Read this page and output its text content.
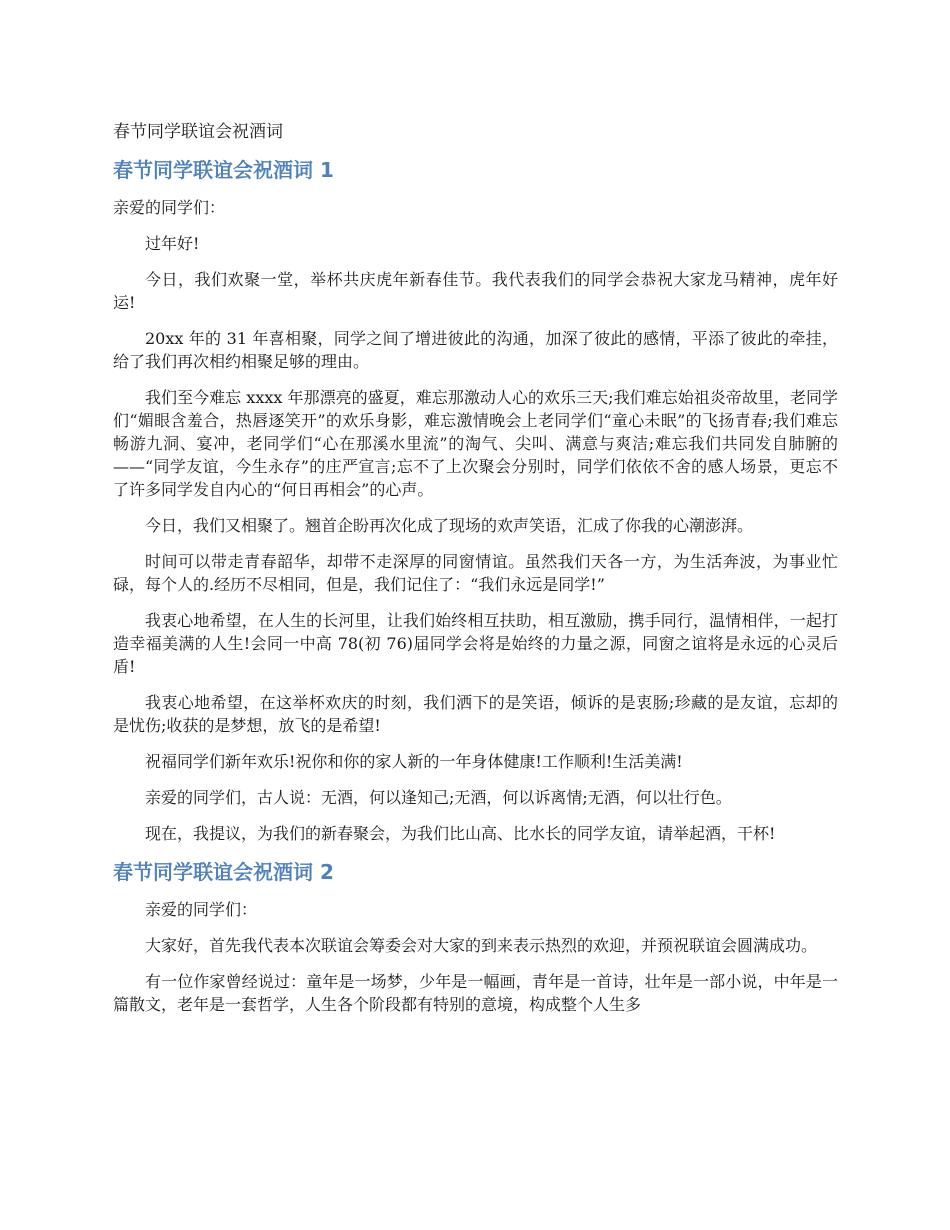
春节同学联谊会祝酒词
春节同学联谊会祝酒词 1
亲爱的同学们：

过年好!

今日，我们欢聚一堂，举杯共庆虎年新春佳节。我代表我们的同学会恭祝大家龙马精神，虎年好运!

20xx 年的 31 年喜相聚，同学之间了增进彼此的沟通，加深了彼此的感情，平添了彼此的牵挂，给了我们再次相约相聚足够的理由。

我们至今难忘 xxxx 年那漂亮的盛夏，难忘那激动人心的欢乐三天;我们难忘始祖炎帝故里，老同学们“媚眼含羞合，热唇逐笑开”的欢乐身影，难忘激情晚会上老同学们“童心未眠”的飞扬青春;我们难忘畅游九洞、宴冲，老同学们“心在那溪水里流”的淘气、尖叫、满意与爽洁;难忘我们共同发自肺腑的——“同学友谊，今生永存”的庄严宣言;忘不了上次聚会分别时，同学们依依不舍的感人场景，更忘不了许多同学发自内心的“何日再相会”的心声。

今日，我们又相聚了。翘首企盼再次化成了现场的欢声笑语，汇成了你我的心潮澎湃。

时间可以带走青春韶华，却带不走深厚的同窗情谊。虽然我们天各一方，为生活奔波，为事业忙碌，每个人的.经历不尽相同，但是，我们记住了：“我们永远是同学!”

我衷心地希望，在人生的长河里，让我们始终相互扶助，相互激励，携手同行，温情相伴，一起打造幸福美满的人生!会同一中高 78(初 76)届同学会将是始终的力量之源，同窗之谊将是永远的心灵后盾!

我衷心地希望，在这举杯欢庆的时刻，我们洒下的是笑语，倾诉的是衷肠;珍藏的是友谊，忘却的是忧伤;收获的是梦想，放飞的是希望!

祝福同学们新年欢乐!祝你和你的家人新的一年身体健康!工作顺利!生活美满!

亲爱的同学们，古人说：无酒，何以逢知己;无酒，何以诉离情;无酒，何以壮行色。

现在，我提议，为我们的新春聚会，为我们比山高、比水长的同学友谊，请举起酒，干杯!

春节同学联谊会祝酒词 2

亲爱的同学们：

大家好，首先我代表本次联谊会筹委会对大家的到来表示热烈的欢迎，并预祝联谊会圆满成功。

有一位作家曾经说过：童年是一场梦，少年是一幅画，青年是一首诗，壮年是一部小说，中年是一篇散文，老年是一套哲学，人生各个阶段都有特别的意境，构成整个人生多
